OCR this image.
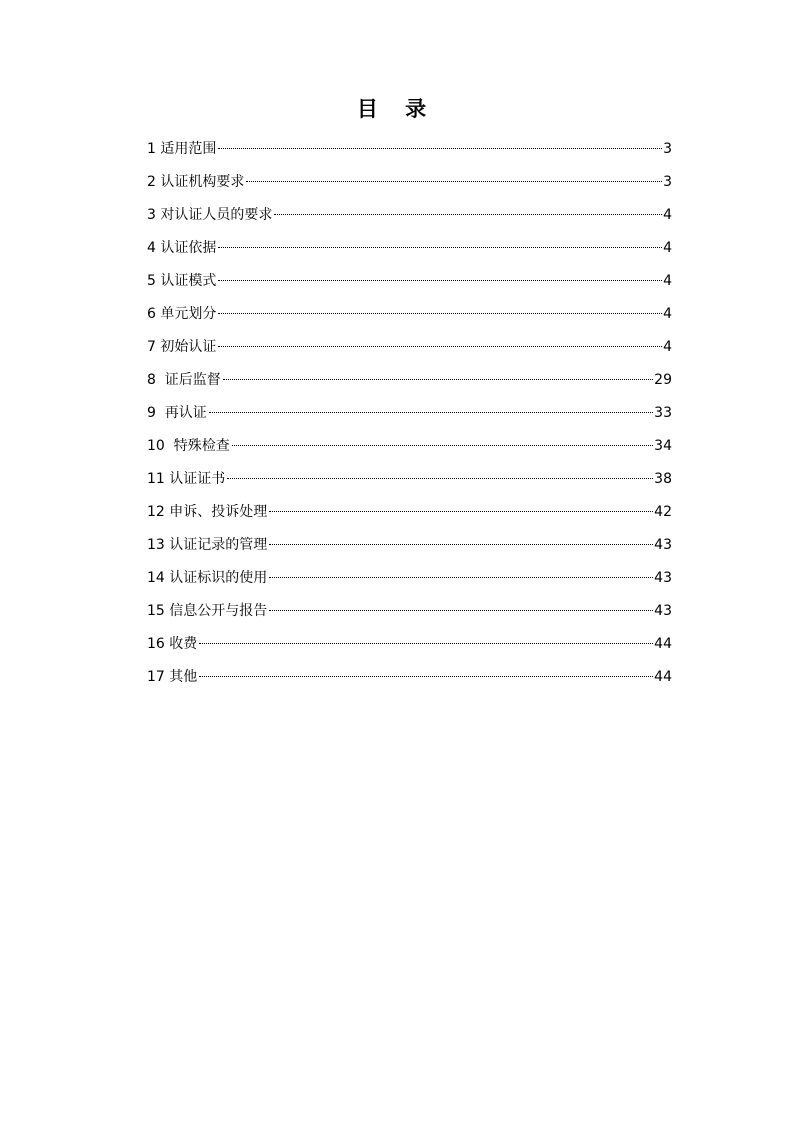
目 录
1 适用范围	3
2 认证机构要求	3
3 对认证人员的要求	4
4 认证依据	4
5 认证模式	4
6 单元划分	4
7 初始认证	4
8  证后监督	29
9  再认证	33
10  特殊检查	34
11 认证证书	38
12 申诉、投诉处理	42
13 认证记录的管理	43
14 认证标识的使用	43
15 信息公开与报告	43
16 收费	44
17 其他	44
